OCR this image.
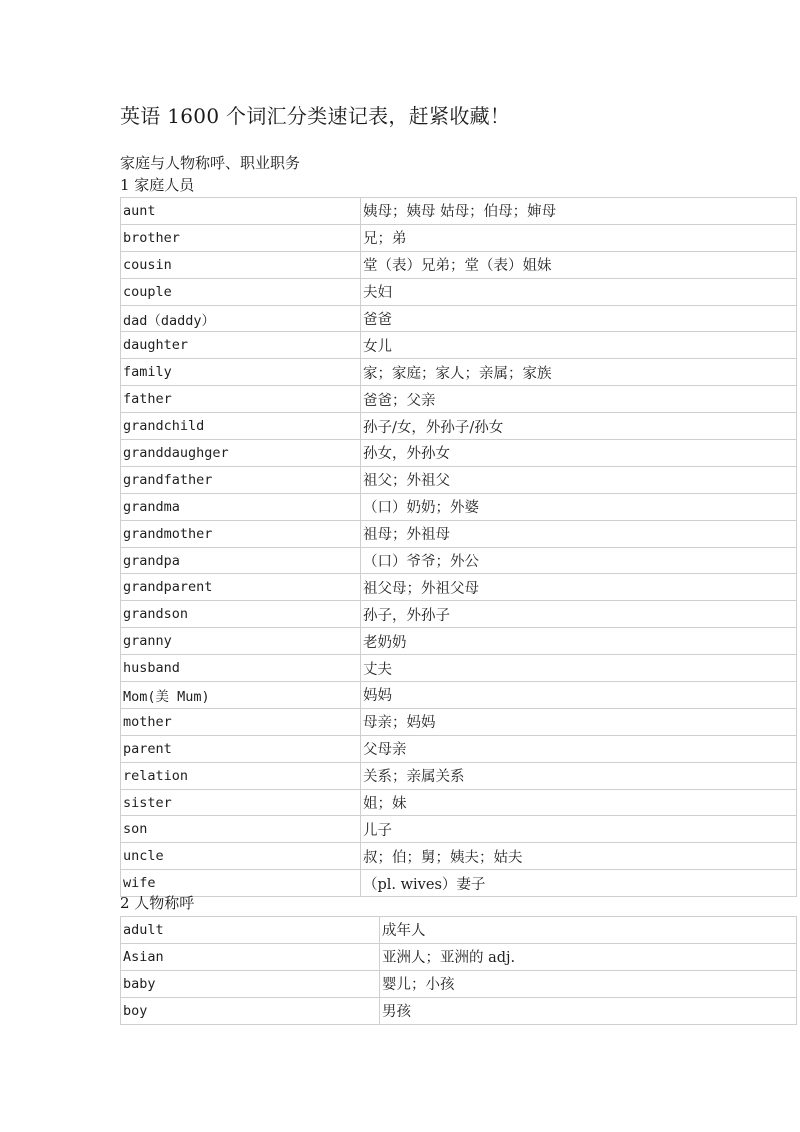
英语 1600 个词汇分类速记表，赶紧收藏！
家庭与人物称呼、职业职务
1 家庭人员
aunt	姨母；姨母 姑母；伯母；婶母
brother	兄；弟
cousin	堂（表）兄弟；堂（表）姐妹
couple	夫妇
dad（daddy）	爸爸
daughter	女儿
family	家；家庭；家人；亲属；家族
father	爸爸；父亲
grandchild	孙子/女，外孙子/孙女
granddaughger	孙女，外孙女
grandfather	祖父；外祖父
grandma	（口）奶奶；外婆
grandmother	祖母；外祖母
grandpa	（口）爷爷；外公
grandparent	祖父母；外祖父母
grandson	孙子，外孙子
granny	老奶奶
husband	丈夫
Mom(美 Mum)	妈妈
mother	母亲；妈妈
parent	父母亲
relation	关系；亲属关系
sister	姐；妹
son	儿子
uncle	叔；伯；舅；姨夫；姑夫
wife	（pl. wives）妻子
2 人物称呼
adult	成年人
Asian	亚洲人；亚洲的 adj.
baby	婴儿；小孩
boy	男孩
